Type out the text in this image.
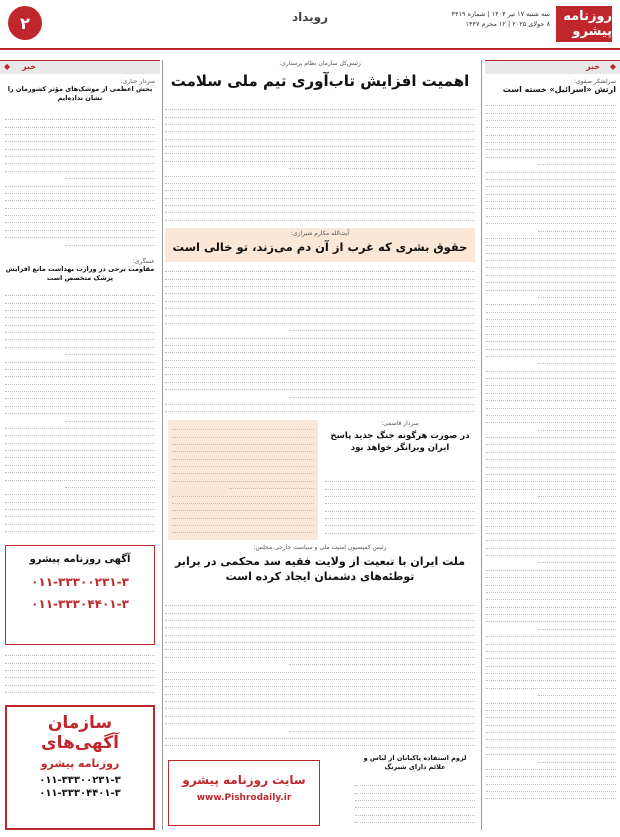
روزنامه پیشرو
سه شنبه ۱۷ تیر ۱۴۰۴ | شماره ۴۴۱۹
۸ جولای ۲۰۲۵ | ۱۲ محرم ۱۴۴۷
رویداد
۲
خبر ◆
خبر
◆
سرلشکر صفوی:
ارتش «اسرائیل» خسته است
رئیس‌کل سازمان نظام پرستاری:
اهمیت افزایش تاب‌آوری تیم ملی سلامت
آیت‌الله مکارم شیرازی:
حقوق بشری که غرب از آن دم می‌زند، تو خالی است
سردار قاسمی:
در صورت هرگونه جنگ جدید پاسخ ایران ویرانگر خواهد بود
رئیس کمیسیون امنیت ملی و سیاست خارجی مجلس:
ملت ایران با تبعیت از ولایت فقیه سد محکمی در برابر توطئه‌های دشمنان ایجاد کرده است
لزوم استفاده پاکبانان از لباس و علائم دارای شبرنگ
سایت روزنامه پیشرو
www.Pishrodaily.ir
سردار جباری:
بخش اعظمی از موشک‌های مؤثر کشورمان را نشان نداده‌ایم
عسگری:
مقاومت برخی در وزارت بهداشت مانع افزایش پزشک متخصص است
آگهی روزنامه پیشرو
۰۱۱-۳۳۳۰۰۲۳۱-۳
۰۱۱-۳۳۳۰۴۴۰۱-۳
سازمان
آگهی‌های
روزنامه پیشرو
۰۱۱-۳۳۳۰۰۲۳۱-۳
۰۱۱-۳۳۳۰۴۴۰۱-۳
